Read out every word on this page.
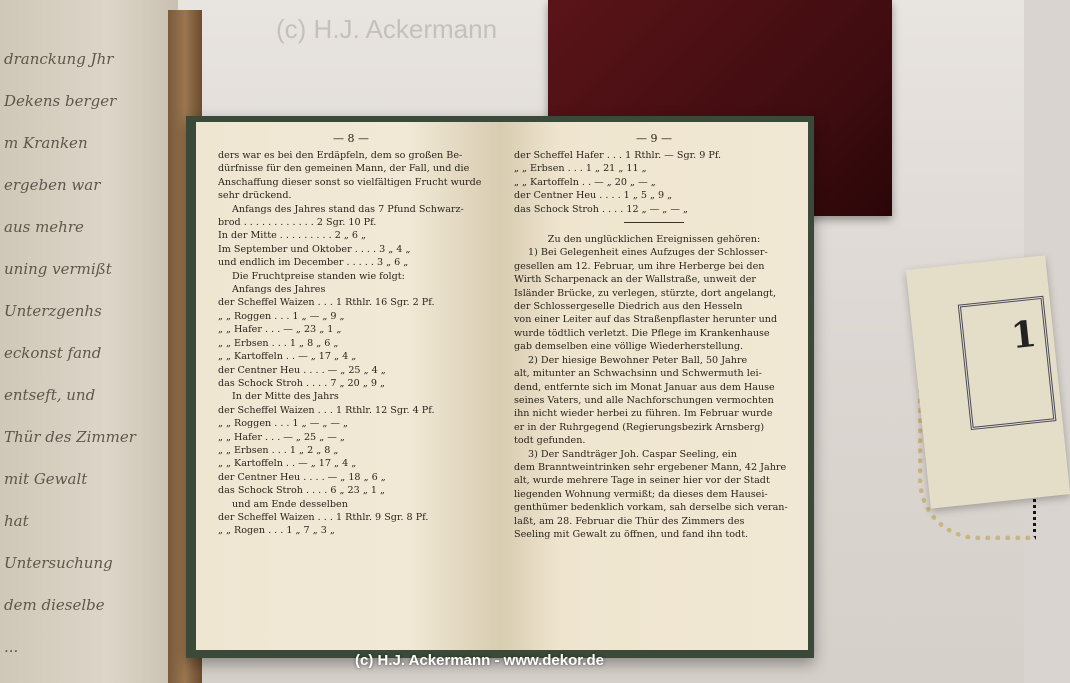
dranckung Jhr
Dekens berger
m Kranken
ergeben war
aus mehre
uning vermißt
Unterzgenhs
eckonst fand
entseft, und
Thür des Zimmer
mit Gewalt
hat
Untersuchung
dem dieselbe
...
1
(c) H.J. Ackermann
— 8 —
ders war es bei den Erdäpfeln, dem so großen Be-
dürfnisse für den gemeinen Mann, der Fall, und die
Anschaffung dieser sonst so vielfältigen Frucht wurde
sehr drückend.
Anfangs des Jahres stand das 7 Pfund Schwarz-
brod . . . . . . . . . . . . 2 Sgr. 10 Pf.
In der Mitte . . . . . . . . . 2 „ 6 „
Im September und Oktober . . . . 3 „ 4 „
und endlich im December . . . . . 3 „ 6 „
Die Fruchtpreise standen wie folgt:
Anfangs des Jahres
der Scheffel Waizen . . . 1 Rthlr. 16 Sgr. 2 Pf.
„ „ Roggen . . . 1 „ — „ 9 „
„ „ Hafer . . . — „ 23 „ 1 „
„ „ Erbsen . . . 1 „ 8 „ 6 „
„ „ Kartoffeln . . — „ 17 „ 4 „
der Centner Heu . . . . — „ 25 „ 4 „
das Schock Stroh . . . . 7 „ 20 „ 9 „
In der Mitte des Jahrs
der Scheffel Waizen . . . 1 Rthlr. 12 Sgr. 4 Pf.
„ „ Roggen . . . 1 „ — „ — „
„ „ Hafer . . . — „ 25 „ — „
„ „ Erbsen . . . 1 „ 2 „ 8 „
„ „ Kartoffeln . . — „ 17 „ 4 „
der Centner Heu . . . . — „ 18 „ 6 „
das Schock Stroh . . . . 6 „ 23 „ 1 „
und am Ende desselben
der Scheffel Waizen . . . 1 Rthlr. 9 Sgr. 8 Pf.
„ „ Rogen . . . 1 „ 7 „ 3 „
— 9 —
der Scheffel Hafer . . . 1 Rthlr. — Sgr. 9 Pf.
„ „ Erbsen . . . 1 „ 21 „ 11 „
„ „ Kartoffeln . . — „ 20 „ — „
der Centner Heu . . . . 1 „ 5 „ 9 „
das Schock Stroh . . . . 12 „ — „ — „
Zu den unglücklichen Ereignissen gehören:
1) Bei Gelegenheit eines Aufzuges der Schlosser-
gesellen am 12. Februar, um ihre Herberge bei den
Wirth Scharpenack an der Wallstraße, unweit der
Isländer Brücke, zu verlegen, stürzte, dort angelangt,
der Schlossergeselle Diedrich aus den Hesseln
von einer Leiter auf das Straßenpflaster herunter und
wurde tödtlich verletzt. Die Pflege im Krankenhause
gab demselben eine völlige Wiederherstellung.
2) Der hiesige Bewohner Peter Ball, 50 Jahre
alt, mitunter an Schwachsinn und Schwermuth lei-
dend, entfernte sich im Monat Januar aus dem Hause
seines Vaters, und alle Nachforschungen vermochten
ihn nicht wieder herbei zu führen. Im Februar wurde
er in der Ruhrgegend (Regierungsbezirk Arnsberg)
todt gefunden.
3) Der Sandträger Joh. Caspar Seeling, ein
dem Branntweintrinken sehr ergebener Mann, 42 Jahre
alt, wurde mehrere Tage in seiner hier vor der Stadt
liegenden Wohnung vermißt; da dieses dem Hausei-
genthümer bedenklich vorkam, sah derselbe sich veran-
laßt, am 28. Februar die Thür des Zimmers des
Seeling mit Gewalt zu öffnen, und fand ihn todt.
(c) H.J. Ackermann - www.dekor.de
